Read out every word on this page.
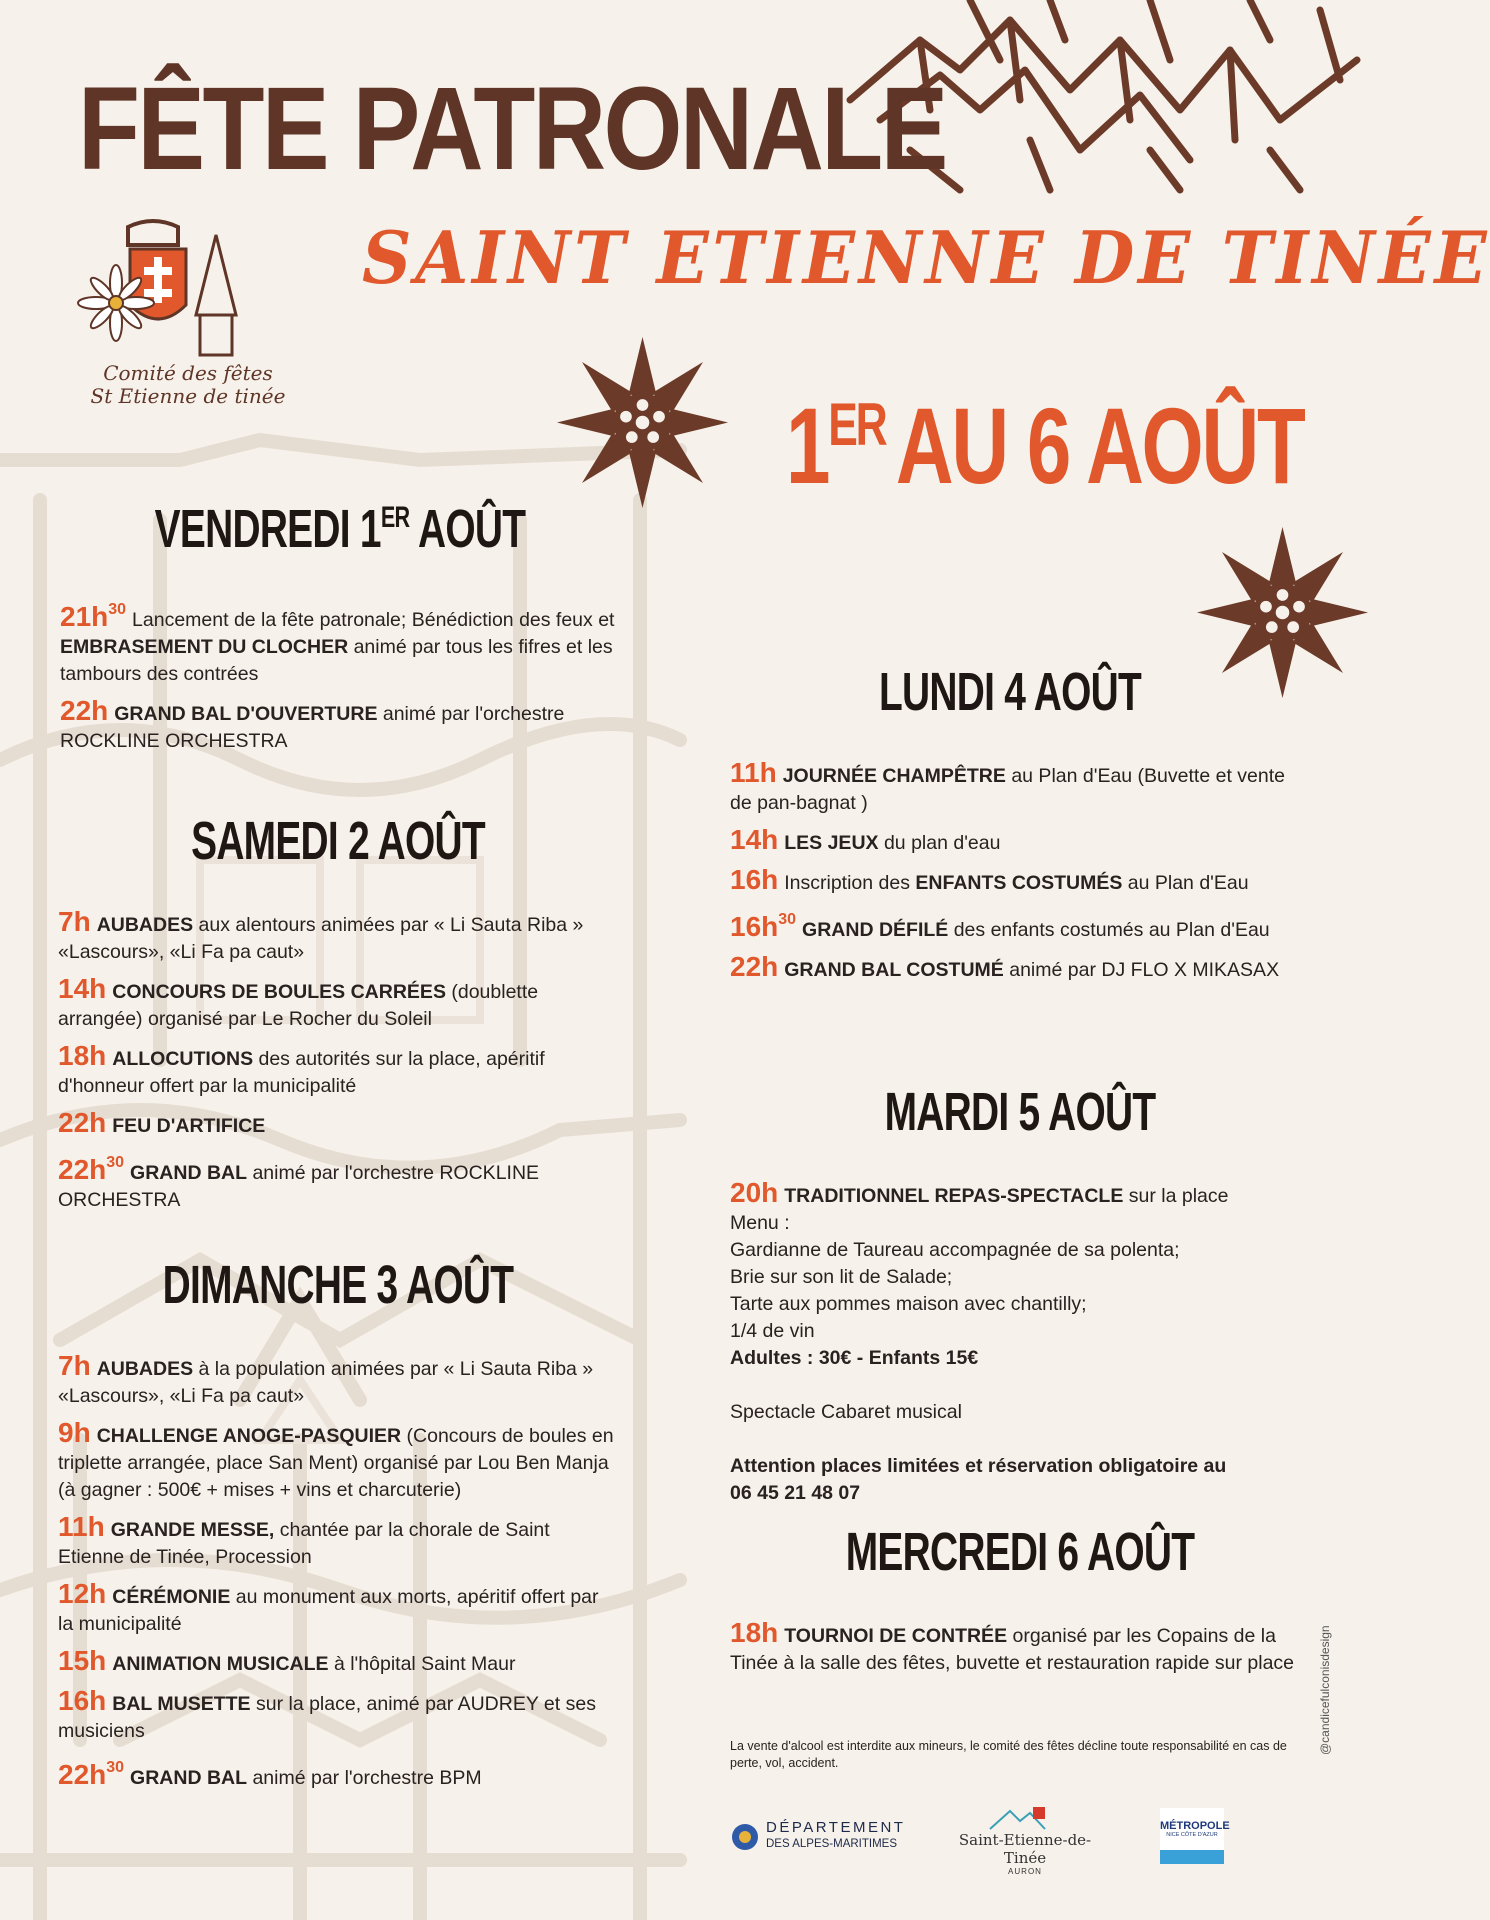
FÊTE PATRONALE
SAINT ETIENNE DE TINÉE
Comité des fêtes
St Etienne de tinée	1ERAU 6 AOÛT
VENDREDI 1ER AOÛT

$21h^{30}$ Lancement de la fête patronale; Bénédiction des feux et EMBRASEMENT DU CLOCHER animé par tous les fifres et les tambours des contrées

22h GRAND BAL D'OUVERTURE animé par l'orchestre ROCKLINE ORCHESTRA

SAMEDI 2 AOÛT

7h AUBADES aux alentours animées par « Li Sauta Riba » «Lascours», «Li Fa pa caut»

14h CONCOURS DE BOULES CARRÉES (doublette arrangée) organisé par Le Rocher du Soleil

18h ALLOCUTIONS des autorités sur la place, apéritif d'honneur offert par la municipalité

22h FEU D'ARTIFICE

$22h^{30}$ GRAND BAL animé par l'orchestre ROCKLINE ORCHESTRA

DIMANCHE 3 AOÛT

7h AUBADES à la population animées par « Li Sauta Riba » «Lascours», «Li Fa pa caut»

9h CHALLENGE ANOGE-PASQUIER (Concours de boules en triplette arrangée, place San Ment) organisé par Lou Ben Manja (à gagner : 500€ + mises + vins et charcuterie)

11h GRANDE MESSE, chantée par la chorale de Saint Etienne de Tinée, Procession

12h CÉRÉMONIE au monument aux morts, apéritif offert par la municipalité

15h ANIMATION MUSICALE à l'hôpital Saint Maur

16h BAL MUSETTE sur la place, animé par AUDREY et ses musiciens

$22h^{30}$ GRAND BAL animé par l'orchestre BPM

LUNDI 4 AOÛT

11h JOURNÉE CHAMPÊTRE au Plan d'Eau (Buvette et vente de pan-bagnat )

14h LES JEUX du plan d'eau

16h Inscription des ENFANTS COSTUMÉS au Plan d'Eau

$16h^{30}$ GRAND DÉFILÉ des enfants costumés au Plan d'Eau

22h GRAND BAL COSTUMÉ animé par DJ FLO X MIKASAX

MARDI 5 AOÛT

20h TRADITIONNEL REPAS-SPECTACLE sur la place

Menu :
Gardianne de Taureau accompagnée de sa polenta;
Brie sur son lit de Salade;
Tarte aux pommes maison avec chantilly;
1/4 de vin
Adultes : 30€ - Enfants 15€
Spectacle Cabaret musical
Attention places limitées et réservation obligatoire au
06 45 21 48 07
MERCREDI 6 AOÛT

18h TOURNOI DE CONTRÉE organisé par les Copains de la Tinée à la salle des fêtes, buvette et restauration rapide sur place

La vente d'alcool est interdite aux mineurs, le comité des fêtes décline toute responsabilité en cas de perte, vol, accident.
DÉPARTEMENT
DES ALPES-MARITIMES	Saint-Etienne-de-Tinée
AURON
MÉTROPOLE
NICE CÔTE D'AZUR
@candicefulconisdesign
